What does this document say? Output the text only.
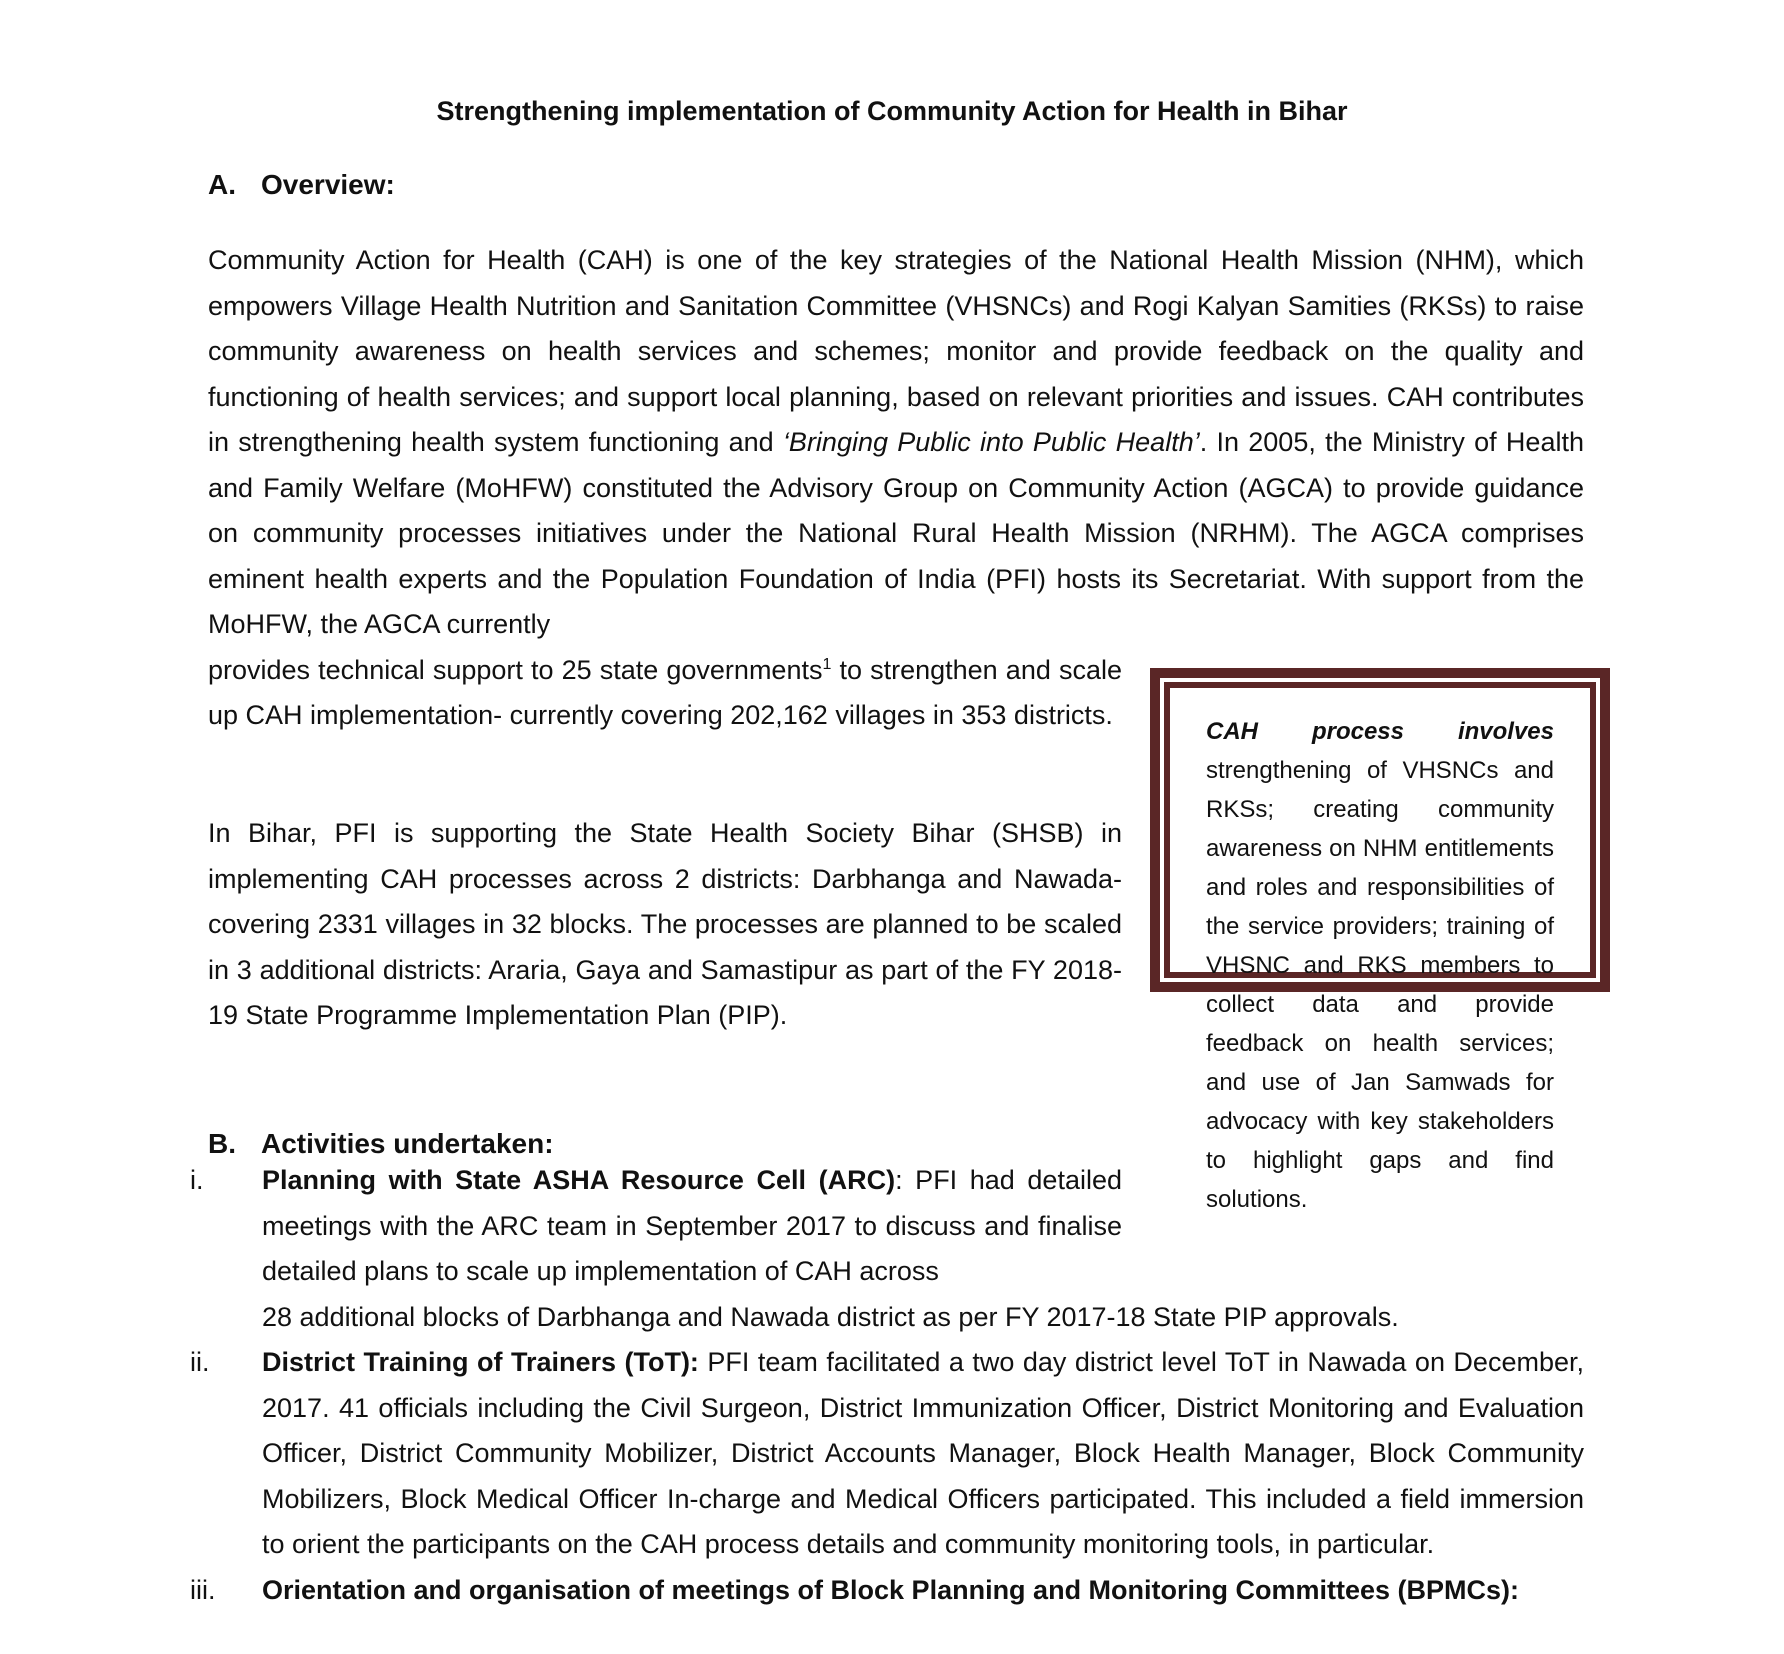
Strengthening implementation of Community Action for Health in Bihar
A. Overview:

Community Action for Health (CAH) is one of the key strategies of the National Health Mission (NHM), which empowers Village Health Nutrition and Sanitation Committee (VHSNCs) and Rogi Kalyan Samities (RKSs) to raise community awareness on health services and schemes; monitor and provide feedback on the quality and functioning of health services; and support local planning, based on relevant priorities and issues. CAH contributes in strengthening health system functioning and ‘Bringing Public into Public Health’. In 2005, the Ministry of Health and Family Welfare (MoHFW) constituted the Advisory Group on Community Action (AGCA) to provide guidance on community processes initiatives under the National Rural Health Mission (NRHM). The AGCA comprises eminent health experts and the Population Foundation of India (PFI) hosts its Secretariat. With support from the MoHFW, the AGCA currently
provides technical support to 25 state governments$^1$ to strengthen and scale up CAH implementation- currently covering 202,162 villages in 353 districts.

In Bihar, PFI is supporting the State Health Society Bihar (SHSB) in implementing CAH processes across 2 districts: Darbhanga and Nawada- covering 2331 villages in 32 blocks. The processes are planned to be scaled in 3 additional districts: Araria, Gaya and Samastipur as part of the FY 2018-19 State Programme Implementation Plan (PIP).

CAH process involves strengthening of VHSNCs and RKSs; creating community awareness on NHM entitlements and roles and responsibilities of the service providers; training of VHSNC and RKS members to collect data and provide feedback on health services; and use of Jan Samwads for advocacy with key stakeholders to highlight gaps and find solutions.
B. Activities undertaken:
i.	Planning with State ASHA Resource Cell (ARC): PFI had detailed meetings with the ARC team in September 2017 to discuss and finalise detailed plans to scale up implementation of CAH across
28 additional blocks of Darbhanga and Nawada district as per FY 2017-18 State PIP approvals.
ii.	District Training of Trainers (ToT): PFI team facilitated a two day district level ToT in Nawada on December, 2017. 41 officials including the Civil Surgeon, District Immunization Officer, District Monitoring and Evaluation Officer, District Community Mobilizer, District Accounts Manager, Block Health Manager, Block Community Mobilizers, Block Medical Officer In-charge and Medical Officers participated. This included a field immersion to orient the participants on the CAH process details and community monitoring tools, in particular.
iii.	Orientation and organisation of meetings of Block Planning and Monitoring Committees (BPMCs):
